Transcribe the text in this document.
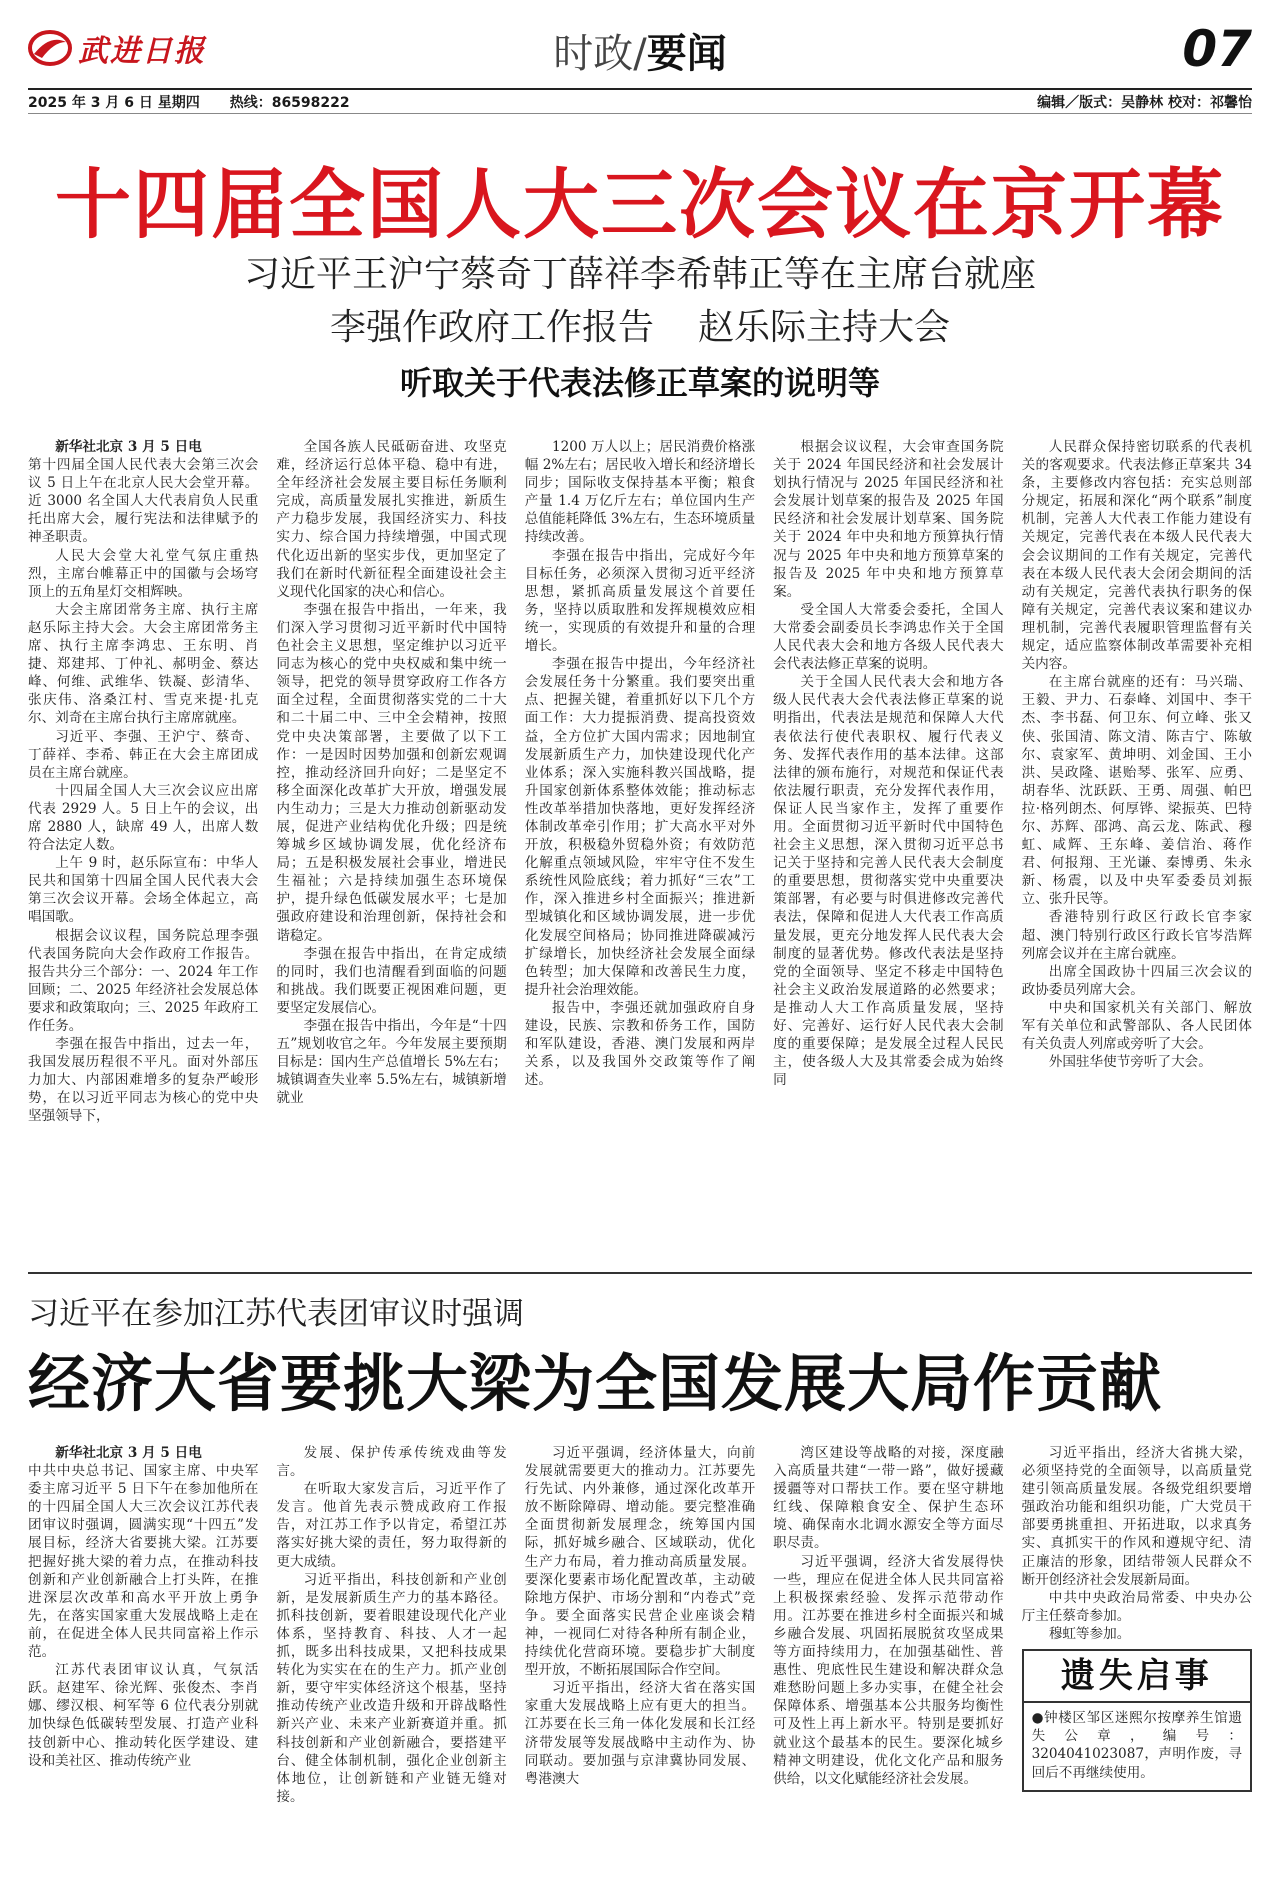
武进日报	时政/要闻	07
2025 年 3 月 6 日 星期四 热线：86598222	编辑／版式：吴静林 校对：祁馨怡
十四届全国人大三次会议在京开幕
习近平王沪宁蔡奇丁薛祥李希韩正等在主席台就座
李强作政府工作报告 赵乐际主持大会
听取关于代表法修正草案的说明等

新华社北京 3 月 5 日电

第十四届全国人民代表大会第三次会议 5 日上午在北京人民大会堂开幕。近 3000 名全国人大代表肩负人民重托出席大会，履行宪法和法律赋予的神圣职责。

人民大会堂大礼堂气氛庄重热烈，主席台帷幕正中的国徽与会场穹顶上的五角星灯交相辉映。

大会主席团常务主席、执行主席赵乐际主持大会。大会主席团常务主席、执行主席李鸿忠、王东明、肖捷、郑建邦、丁仲礼、郝明金、蔡达峰、何维、武维华、铁凝、彭清华、张庆伟、洛桑江村、雪克来提·扎克尔、刘奇在主席台执行主席席就座。

习近平、李强、王沪宁、蔡奇、丁薛祥、李希、韩正在大会主席团成员在主席台就座。

十四届全国人大三次会议应出席代表 2929 人。5 日上午的会议，出席 2880 人，缺席 49 人，出席人数符合法定人数。

上午 9 时，赵乐际宣布：中华人民共和国第十四届全国人民代表大会第三次会议开幕。会场全体起立，高唱国歌。

根据会议议程，国务院总理李强代表国务院向大会作政府工作报告。报告共分三个部分：一、2024 年工作回顾；二、2025 年经济社会发展总体要求和政策取向；三、2025 年政府工作任务。

李强在报告中指出，过去一年，我国发展历程很不平凡。面对外部压力加大、内部困难增多的复杂严峻形势，在以习近平同志为核心的党中央坚强领导下，

全国各族人民砥砺奋进、攻坚克难，经济运行总体平稳、稳中有进，全年经济社会发展主要目标任务顺利完成，高质量发展扎实推进，新质生产力稳步发展，我国经济实力、科技实力、综合国力持续增强，中国式现代化迈出新的坚实步伐，更加坚定了我们在新时代新征程全面建设社会主义现代化国家的决心和信心。

李强在报告中指出，一年来，我们深入学习贯彻习近平新时代中国特色社会主义思想，坚定维护以习近平同志为核心的党中央权威和集中统一领导，把党的领导贯穿政府工作各方面全过程，全面贯彻落实党的二十大和二十届二中、三中全会精神，按照党中央决策部署，主要做了以下工作：一是因时因势加强和创新宏观调控，推动经济回升向好；二是坚定不移全面深化改革扩大开放，增强发展内生动力；三是大力推动创新驱动发展，促进产业结构优化升级；四是统筹城乡区域协调发展，优化经济布局；五是积极发展社会事业，增进民生福祉；六是持续加强生态环境保护，提升绿色低碳发展水平；七是加强政府建设和治理创新，保持社会和谐稳定。

李强在报告中指出，在肯定成绩的同时，我们也清醒看到面临的问题和挑战。我们既要正视困难问题，更要坚定发展信心。

李强在报告中指出，今年是“十四五”规划收官之年。今年发展主要预期目标是：国内生产总值增长 5%左右；城镇调查失业率 5.5%左右，城镇新增就业

1200 万人以上；居民消费价格涨幅 2%左右；居民收入增长和经济增长同步；国际收支保持基本平衡；粮食产量 1.4 万亿斤左右；单位国内生产总值能耗降低 3%左右，生态环境质量持续改善。

李强在报告中指出，完成好今年目标任务，必须深入贯彻习近平经济思想，紧抓高质量发展这个首要任务，坚持以质取胜和发挥规模效应相统一，实现质的有效提升和量的合理增长。

李强在报告中提出，今年经济社会发展任务十分繁重。我们要突出重点、把握关键，着重抓好以下几个方面工作：大力提振消费、提高投资效益，全方位扩大国内需求；因地制宜发展新质生产力，加快建设现代化产业体系；深入实施科教兴国战略，提升国家创新体系整体效能；推动标志性改革举措加快落地，更好发挥经济体制改革牵引作用；扩大高水平对外开放，积极稳外贸稳外资；有效防范化解重点领域风险，牢牢守住不发生系统性风险底线；着力抓好“三农”工作，深入推进乡村全面振兴；推进新型城镇化和区域协调发展，进一步优化发展空间格局；协同推进降碳减污扩绿增长，加快经济社会发展全面绿色转型；加大保障和改善民生力度，提升社会治理效能。

报告中，李强还就加强政府自身建设，民族、宗教和侨务工作，国防和军队建设，香港、澳门发展和两岸关系，以及我国外交政策等作了阐述。

根据会议议程，大会审查国务院关于 2024 年国民经济和社会发展计划执行情况与 2025 年国民经济和社会发展计划草案的报告及 2025 年国民经济和社会发展计划草案、国务院关于 2024 年中央和地方预算执行情况与 2025 年中央和地方预算草案的报告及 2025 年中央和地方预算草案。

受全国人大常委会委托，全国人大常委会副委员长李鸿忠作关于全国人民代表大会和地方各级人民代表大会代表法修正草案的说明。

关于全国人民代表大会和地方各级人民代表大会代表法修正草案的说明指出，代表法是规范和保障人大代表依法行使代表职权、履行代表义务、发挥代表作用的基本法律。这部法律的颁布施行，对规范和保证代表依法履行职责，充分发挥代表作用，保证人民当家作主，发挥了重要作用。全面贯彻习近平新时代中国特色社会主义思想，深入贯彻习近平总书记关于坚持和完善人民代表大会制度的重要思想，贯彻落实党中央重要决策部署，有必要与时俱进修改完善代表法，保障和促进人大代表工作高质量发展，更充分地发挥人民代表大会制度的显著优势。修改代表法是坚持党的全面领导、坚定不移走中国特色社会主义政治发展道路的必然要求；是推动人大工作高质量发展，坚持好、完善好、运行好人民代表大会制度的重要保障；是发展全过程人民民主，使各级人大及其常委会成为始终同

人民群众保持密切联系的代表机关的客观要求。代表法修正草案共 34 条，主要修改内容包括：充实总则部分规定，拓展和深化“两个联系”制度机制，完善人大代表工作能力建设有关规定，完善代表在本级人民代表大会会议期间的工作有关规定，完善代表在本级人民代表大会闭会期间的活动有关规定，完善代表执行职务的保障有关规定，完善代表议案和建议办理机制，完善代表履职管理监督有关规定，适应监察体制改革需要补充相关内容。

在主席台就座的还有：马兴瑞、王毅、尹力、石泰峰、刘国中、李干杰、李书磊、何卫东、何立峰、张又侠、张国清、陈文清、陈吉宁、陈敏尔、袁家军、黄坤明、刘金国、王小洪、吴政隆、谌贻琴、张军、应勇、胡春华、沈跃跃、王勇、周强、帕巴拉·格列朗杰、何厚铧、梁振英、巴特尔、苏辉、邵鸿、高云龙、陈武、穆虹、咸辉、王东峰、姜信治、蒋作君、何报翔、王光谦、秦博勇、朱永新、杨震，以及中央军委委员刘振立、张升民等。

香港特别行政区行政长官李家超、澳门特别行政区行政长官岑浩辉列席会议并在主席台就座。

出席全国政协十四届三次会议的政协委员列席大会。

中央和国家机关有关部门、解放军有关单位和武警部队、各人民团体有关负责人列席或旁听了大会。

外国驻华使节旁听了大会。

习近平在参加江苏代表团审议时强调
经济大省要挑大梁为全国发展大局作贡献

新华社北京 3 月 5 日电

中共中央总书记、国家主席、中央军委主席习近平 5 日下午在参加他所在的十四届全国人大三次会议江苏代表团审议时强调，圆满实现“十四五”发展目标，经济大省要挑大梁。江苏要把握好挑大梁的着力点，在推动科技创新和产业创新融合上打头阵，在推进深层次改革和高水平开放上勇争先，在落实国家重大发展战略上走在前，在促进全体人民共同富裕上作示范。

江苏代表团审议认真，气氛活跃。赵建军、徐光辉、张俊杰、李肖娜、缪汉根、柯军等 6 位代表分别就加快绿色低碳转型发展、打造产业科技创新中心、推动转化医学建设、建设和美社区、推动传统产业

发展、保护传承传统戏曲等发言。

在听取大家发言后，习近平作了发言。他首先表示赞成政府工作报告，对江苏工作予以肯定，希望江苏落实好挑大梁的责任，努力取得新的更大成绩。

习近平指出，科技创新和产业创新，是发展新质生产力的基本路径。抓科技创新，要着眼建设现代化产业体系，坚持教育、科技、人才一起抓，既多出科技成果，又把科技成果转化为实实在在的生产力。抓产业创新，要守牢实体经济这个根基，坚持推动传统产业改造升级和开辟战略性新兴产业、未来产业新赛道并重。抓科技创新和产业创新融合，要搭建平台、健全体制机制，强化企业创新主体地位，让创新链和产业链无缝对接。

习近平强调，经济体量大，向前发展就需要更大的推动力。江苏要先行先试、内外兼修，通过深化改革开放不断除障碍、增动能。要完整准确全面贯彻新发展理念，统筹国内国际，抓好城乡融合、区域联动，优化生产力布局，着力推动高质量发展。要深化要素市场化配置改革，主动破除地方保护、市场分割和“内卷式”竞争。要全面落实民营企业座谈会精神，一视同仁对待各种所有制企业，持续优化营商环境。要稳步扩大制度型开放，不断拓展国际合作空间。

习近平指出，经济大省在落实国家重大发展战略上应有更大的担当。江苏要在长三角一体化发展和长江经济带发展等发展战略中主动作为、协同联动。要加强与京津冀协同发展、粤港澳大

湾区建设等战略的对接，深度融入高质量共建“一带一路”，做好援藏援疆等对口帮扶工作。要在坚守耕地红线、保障粮食安全、保护生态环境、确保南水北调水源安全等方面尽职尽责。

习近平强调，经济大省发展得快一些，理应在促进全体人民共同富裕上积极探索经验、发挥示范带动作用。江苏要在推进乡村全面振兴和城乡融合发展、巩固拓展脱贫攻坚成果等方面持续用力，在加强基础性、普惠性、兜底性民生建设和解决群众急难愁盼问题上多办实事，在健全社会保障体系、增强基本公共服务均衡性可及性上再上新水平。特别是要抓好就业这个最基本的民生。要深化城乡精神文明建设，优化文化产品和服务供给，以文化赋能经济社会发展。

习近平指出，经济大省挑大梁，必须坚持党的全面领导，以高质量党建引领高质量发展。各级党组织要增强政治功能和组织功能，广大党员干部要勇挑重担、开拓进取，以求真务实、真抓实干的作风和遵规守纪、清正廉洁的形象，团结带领人民群众不断开创经济社会发展新局面。

中共中央政治局常委、中央办公厅主任蔡奇参加。

穆虹等参加。

遗失启事
●钟楼区邹区迷熙尔按摩养生馆遗失公章，编号：3204041023087，声明作废，寻回后不再继续使用。
